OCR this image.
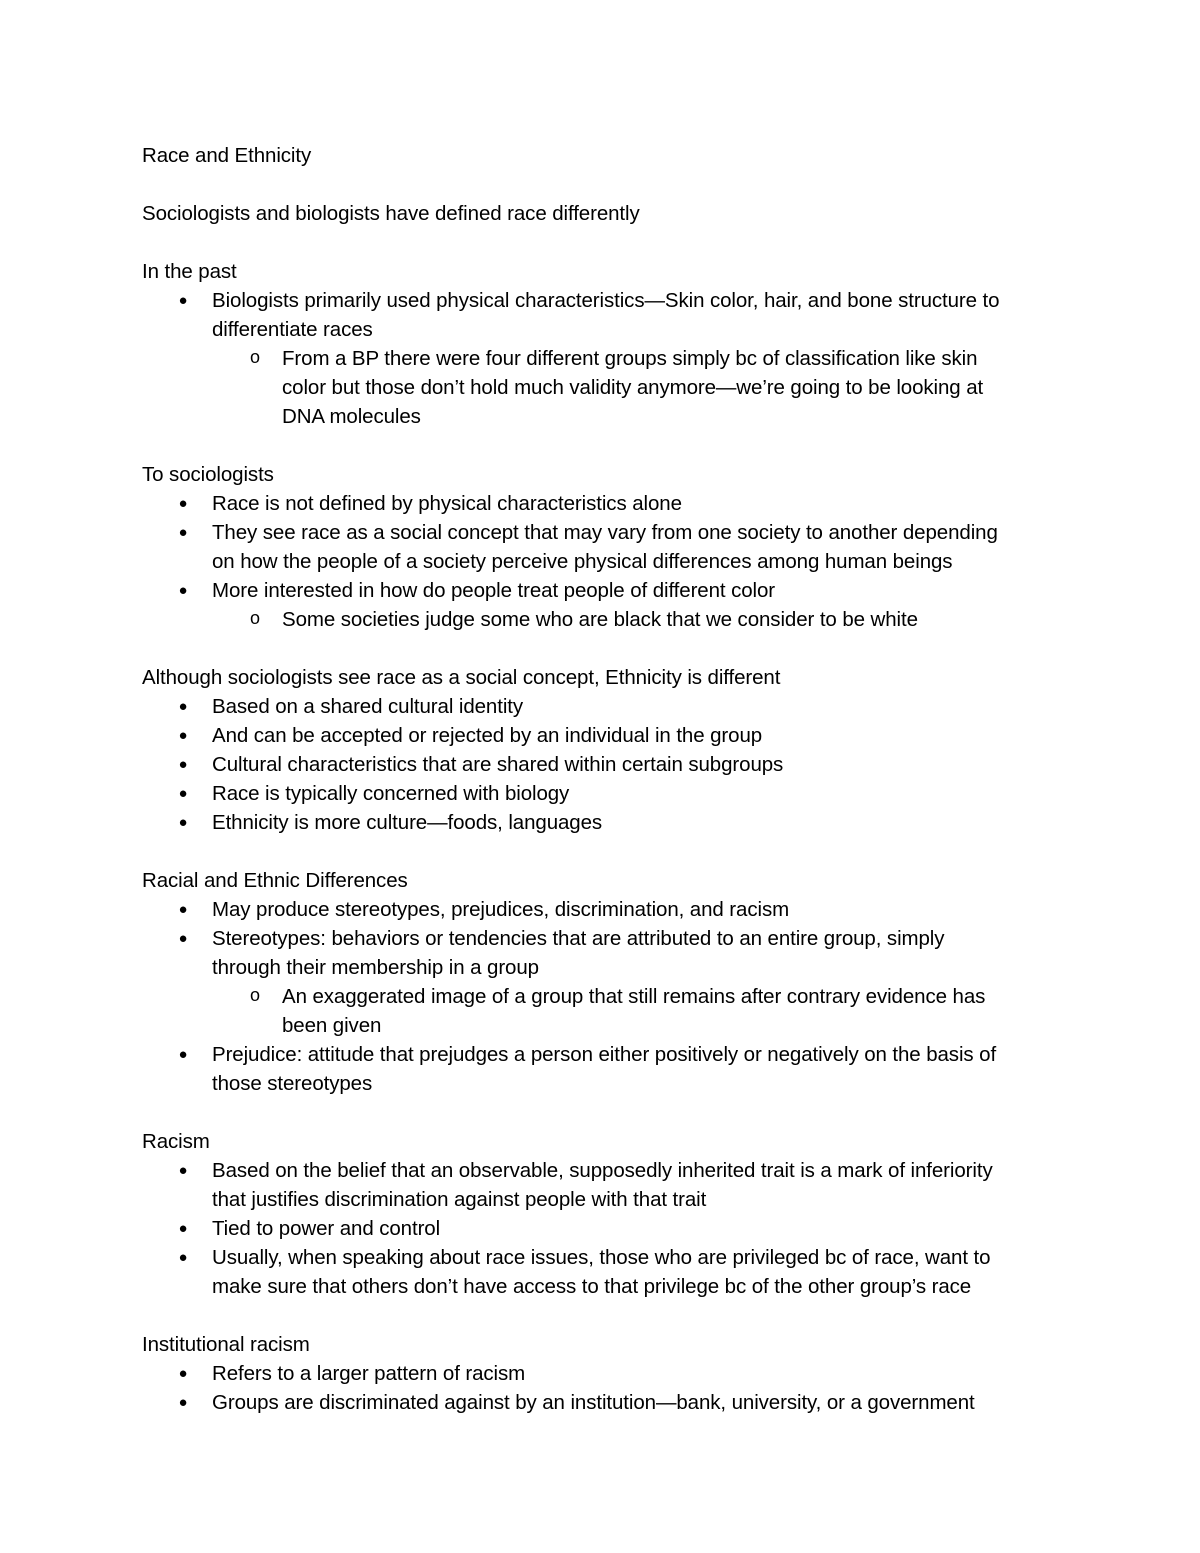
Race and Ethnicity

Sociologists and biologists have defined race differently

In the past

● Biologists primarily used physical characteristics—Skin color, hair, and bone structure to
differentiate races
o From a BP there were four different groups simply bc of classification like skin
color but those don’t hold much validity anymore—we’re going to be looking at
DNA molecules

To sociologists

● Race is not defined by physical characteristics alone
● They see race as a social concept that may vary from one society to another depending
on how the people of a society perceive physical differences among human beings
● More interested in how do people treat people of different color
o Some societies judge some who are black that we consider to be white

Although sociologists see race as a social concept, Ethnicity is different

● Based on a shared cultural identity
● And can be accepted or rejected by an individual in the group
● Cultural characteristics that are shared within certain subgroups
● Race is typically concerned with biology
● Ethnicity is more culture—foods, languages

Racial and Ethnic Differences

● May produce stereotypes, prejudices, discrimination, and racism
● Stereotypes: behaviors or tendencies that are attributed to an entire group, simply
through their membership in a group
o An exaggerated image of a group that still remains after contrary evidence has
been given
● Prejudice: attitude that prejudges a person either positively or negatively on the basis of
those stereotypes

Racism

● Based on the belief that an observable, supposedly inherited trait is a mark of inferiority
that justifies discrimination against people with that trait
● Tied to power and control
● Usually, when speaking about race issues, those who are privileged bc of race, want to
make sure that others don’t have access to that privilege bc of the other group’s race

Institutional racism

● Refers to a larger pattern of racism
● Groups are discriminated against by an institution—bank, university, or a government
